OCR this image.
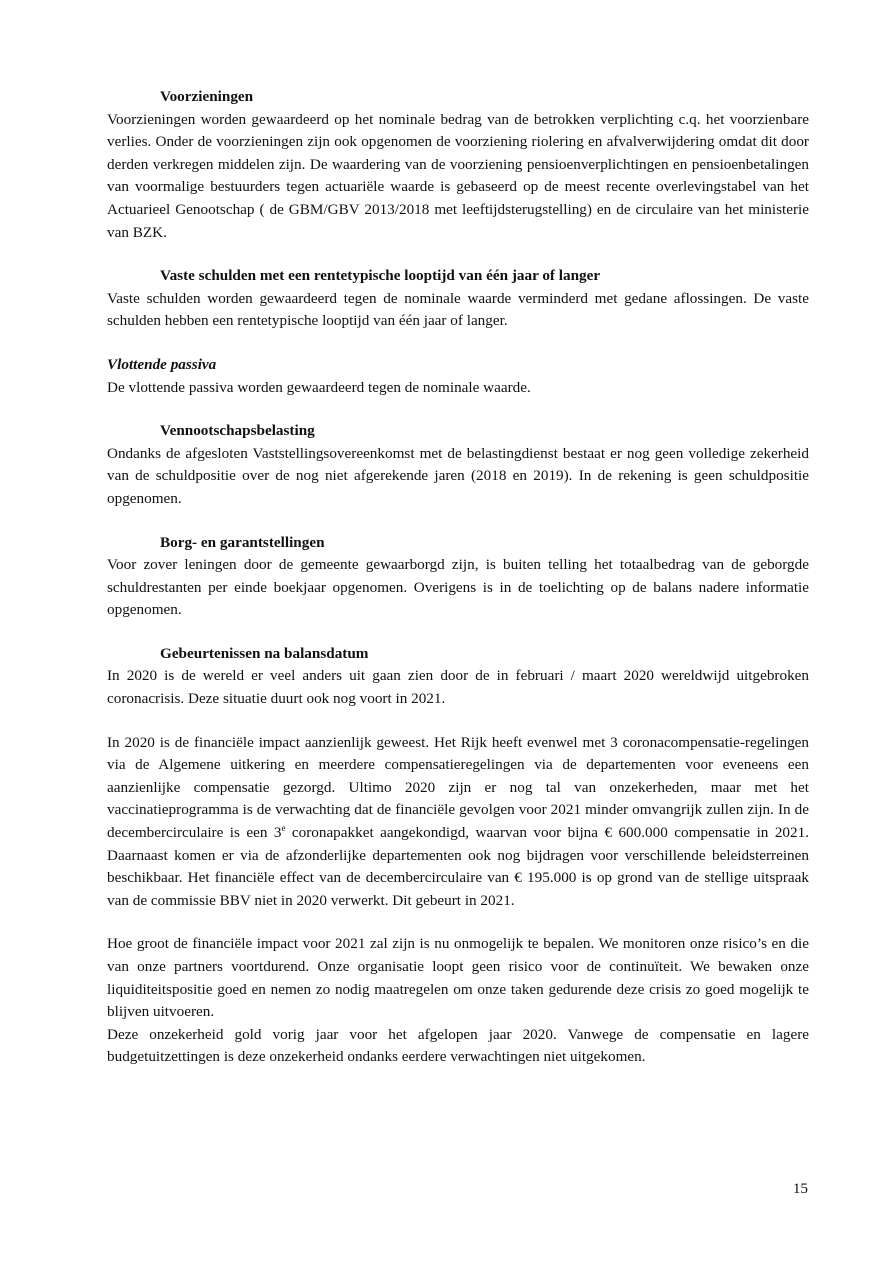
Voorzieningen

Voorzieningen worden gewaardeerd op het nominale bedrag van de betrokken verplichting c.q. het voorzienbare verlies. Onder de voorzieningen zijn ook opgenomen de voorziening riolering en afvalverwijdering omdat dit door derden verkregen middelen zijn. De waardering van de voorziening pensioenverplichtingen en pensioenbetalingen van voormalige bestuurders tegen actuariële waarde is gebaseerd op de meest recente overlevingstabel van het Actuarieel Genootschap ( de GBM/GBV 2013/2018 met leeftijdsterugstelling) en de circulaire van het ministerie van BZK.

Vaste schulden met een rentetypische looptijd van één jaar of langer

Vaste schulden worden gewaardeerd tegen de nominale waarde verminderd met gedane aflossingen. De vaste schulden hebben een rentetypische looptijd van één jaar of langer.

Vlottende passiva

De vlottende passiva worden gewaardeerd tegen de nominale waarde.

Vennootschapsbelasting

Ondanks de afgesloten Vaststellingsovereenkomst met de belastingdienst bestaat er nog geen volledige zekerheid van de schuldpositie over de nog niet afgerekende jaren (2018 en 2019). In de rekening is geen schuldpositie opgenomen.

Borg- en garantstellingen

Voor zover leningen door de gemeente gewaarborgd zijn, is buiten telling het totaalbedrag van de geborgde schuldrestanten per einde boekjaar opgenomen. Overigens is in de toelichting op de balans nadere informatie opgenomen.

Gebeurtenissen na balansdatum

In 2020 is de wereld er veel anders uit gaan zien door de in februari / maart 2020 wereldwijd uitgebroken coronacrisis. Deze situatie duurt ook nog voort in 2021.

In 2020 is de financiële impact aanzienlijk geweest. Het Rijk heeft evenwel met 3 coronacompensatie-regelingen via de Algemene uitkering en meerdere compensatieregelingen via de departementen voor eveneens een aanzienlijke compensatie gezorgd. Ultimo 2020 zijn er nog tal van onzekerheden, maar met het vaccinatieprogramma is de verwachting dat de financiële gevolgen voor 2021 minder omvangrijk zullen zijn. In de decembercirculaire is een 3e coronapakket aangekondigd, waarvan voor bijna € 600.000 compensatie in 2021. Daarnaast komen er via de afzonderlijke departementen ook nog bijdragen voor verschillende beleidsterreinen beschikbaar. Het financiële effect van de decembercirculaire van € 195.000 is op grond van de stellige uitspraak van de commissie BBV niet in 2020 verwerkt. Dit gebeurt in 2021.

Hoe groot de financiële impact voor 2021 zal zijn is nu onmogelijk te bepalen. We monitoren onze risico’s en die van onze partners voortdurend. Onze organisatie loopt geen risico voor de continuïteit. We bewaken onze liquiditeitspositie goed en nemen zo nodig maatregelen om onze taken gedurende deze crisis zo goed mogelijk te blijven uitvoeren.

Deze onzekerheid gold vorig jaar voor het afgelopen jaar 2020. Vanwege de compensatie en lagere budgetuitzettingen is deze onzekerheid ondanks eerdere verwachtingen niet uitgekomen.

15
